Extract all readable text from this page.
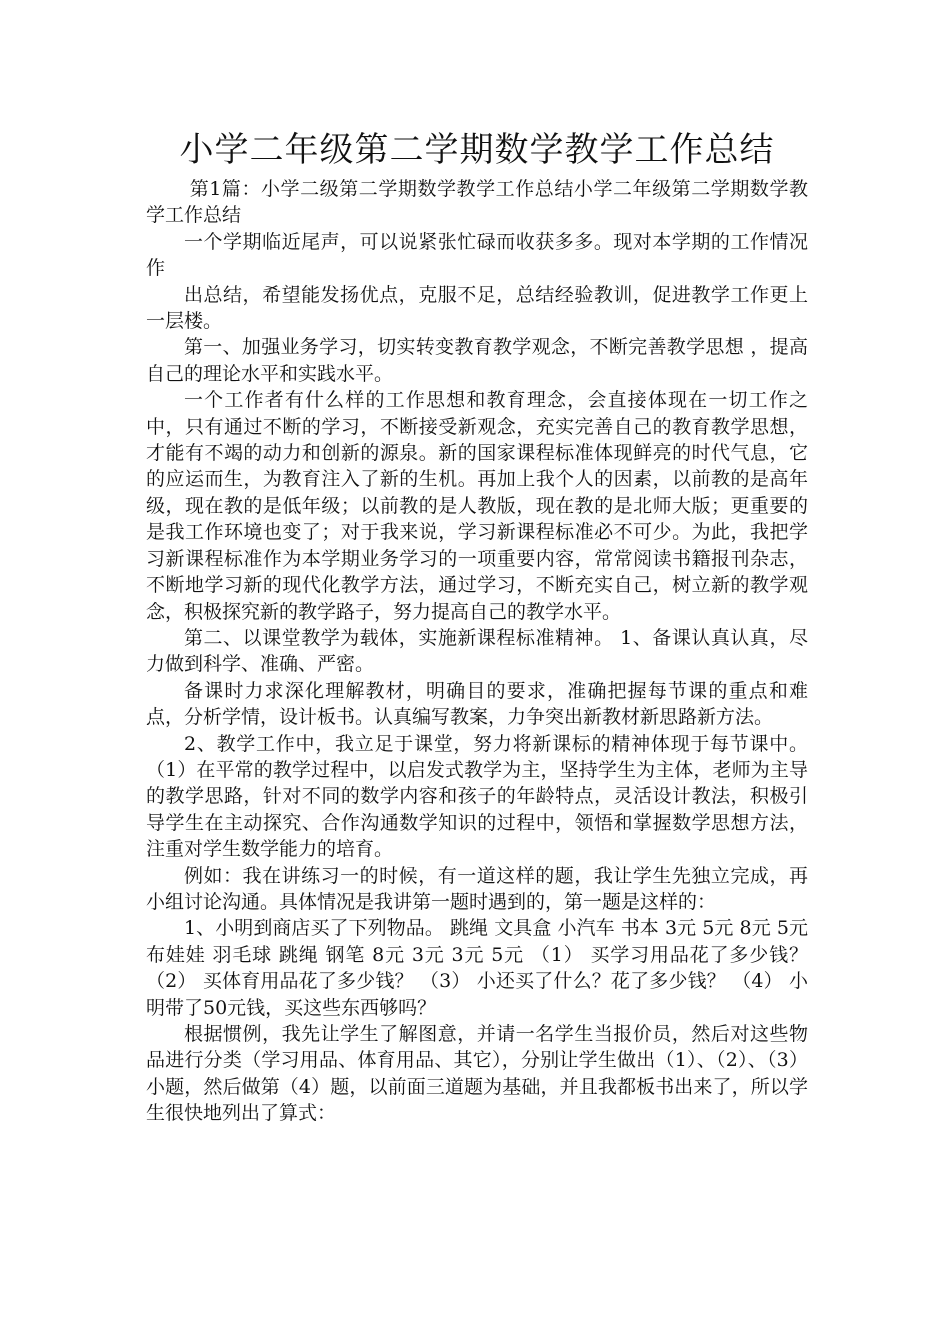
小学二年级第二学期数学教学工作总结

第1篇：小学二级第二学期数学教学工作总结小学二年级第二学期数学教学工作总结

一个学期临近尾声，可以说紧张忙碌而收获多多。现对本学期的工作情况作

出总结，希望能发扬优点，克服不足，总结经验教训，促进教学工作更上一层楼。

第一、加强业务学习，切实转变教育教学观念，不断完善教学思想 ，提高自己的理论水平和实践水平。

一个工作者有什么样的工作思想和教育理念，会直接体现在一切工作之中，只有通过不断的学习，不断接受新观念，充实完善自己的教育教学思想，才能有不竭的动力和创新的源泉。新的国家课程标准体现鲜亮的时代气息，它的应运而生，为教育注入了新的生机。再加上我个人的因素，以前教的是高年级，现在教的是低年级；以前教的是人教版，现在教的是北师大版；更重要的是我工作环境也变了；对于我来说，学习新课程标准必不可少。为此，我把学习新课程标准作为本学期业务学习的一项重要内容，常常阅读书籍报刊杂志，不断地学习新的现代化教学方法，通过学习，不断充实自己，树立新的教学观念，积极探究新的教学路子，努力提高自己的教学水平。

第二、以课堂教学为载体，实施新课程标准精神。 1、备课认真认真，尽力做到科学、准确、严密。

备课时力求深化理解教材，明确目的要求，准确把握每节课的重点和难点，分析学情，设计板书。认真编写教案，力争突出新教材新思路新方法。

2、教学工作中，我立足于课堂，努力将新课标的精神体现于每节课中。 （1）在平常的教学过程中，以启发式教学为主，坚持学生为主体，老师为主导的教学思路，针对不同的数学内容和孩子的年龄特点，灵活设计教法，积极引导学生在主动探究、合作沟通数学知识的过程中，领悟和掌握数学思想方法，注重对学生数学能力的培育。

例如：我在讲练习一的时候，有一道这样的题，我让学生先独立完成，再小组讨论沟通。具体情况是我讲第一题时遇到的，第一题是这样的：

1、小明到商店买了下列物品。 跳绳 文具盒 小汽车 书本 3元 5元 8元 5元 布娃娃 羽毛球 跳绳 钢笔 8元 3元 3元 5元 （1） 买学习用品花了多少钱？ （2） 买体育用品花了多少钱？ （3） 小还买了什么？花了多少钱？ （4） 小明带了50元钱，买这些东西够吗？

根据惯例，我先让学生了解图意，并请一名学生当报价员，然后对这些物品进行分类（学习用品、体育用品、其它），分别让学生做出（1）、（2）、（3）小题，然后做第（4）题，以前面三道题为基础，并且我都板书出来了，所以学生很快地列出了算式：
